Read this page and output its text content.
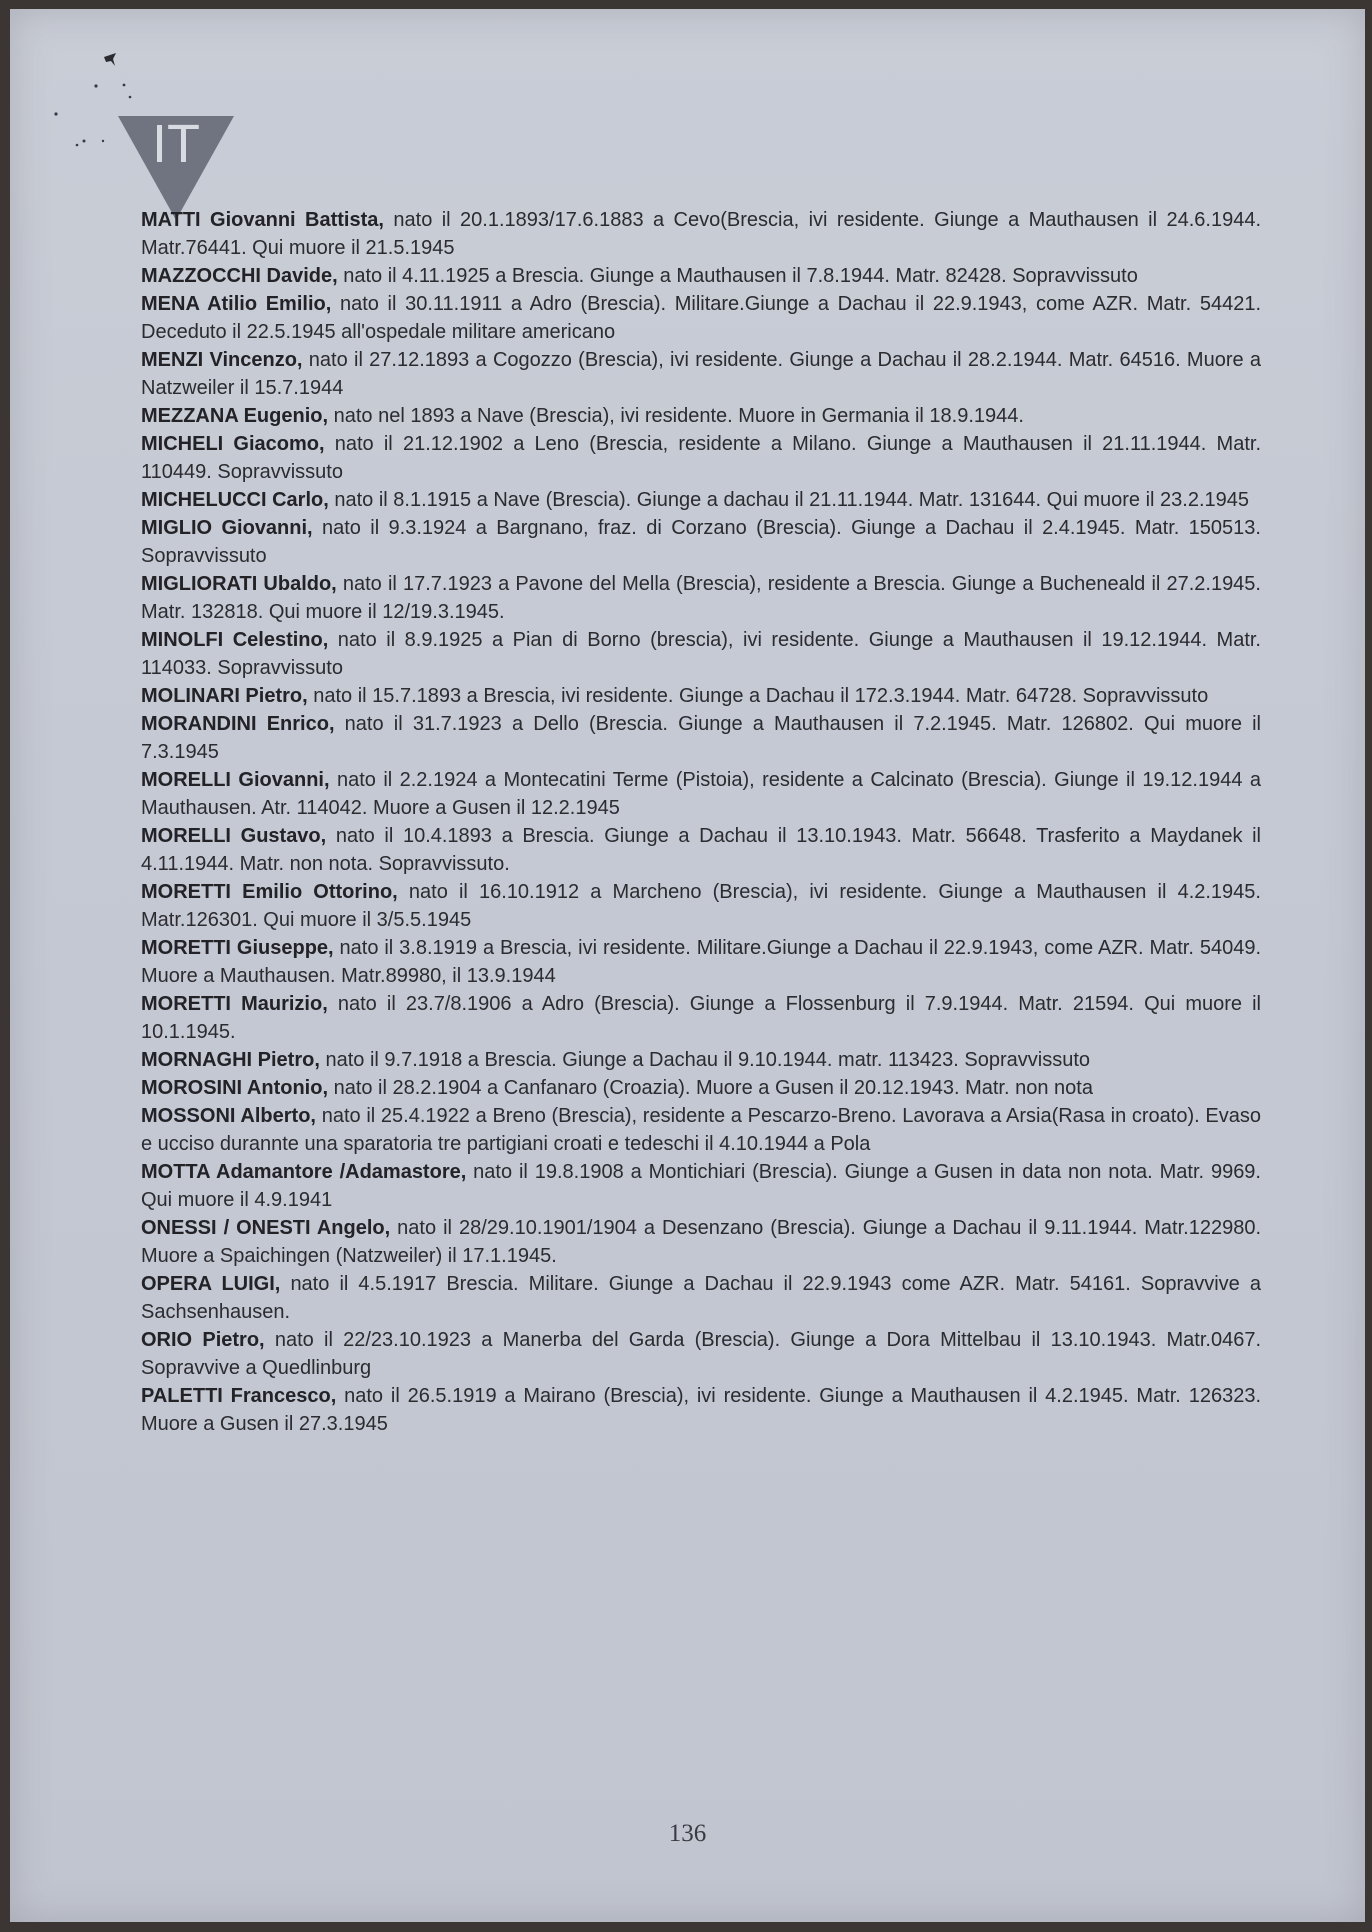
IT

MATTI Giovanni Battista, nato il 20.1.1893/17.6.1883 a Cevo(Brescia, ivi residente. Giunge a Mauthausen il 24.6.1944. Matr.76441. Qui muore il 21.5.1945

MAZZOCCHI Davide, nato il 4.11.1925 a Brescia. Giunge a Mauthausen il 7.8.1944. Matr. 82428. Sopravvissuto

MENA Atilio Emilio, nato il 30.11.1911 a Adro (Brescia). Militare.Giunge a Dachau il 22.9.1943, come AZR. Matr. 54421. Deceduto il 22.5.1945 all'ospedale militare americano

MENZI Vincenzo, nato il 27.12.1893 a Cogozzo (Brescia), ivi residente. Giunge a Dachau il 28.2.1944. Matr. 64516. Muore a Natzweiler il 15.7.1944

MEZZANA Eugenio, nato nel 1893 a Nave (Brescia), ivi residente. Muore in Germania il 18.9.1944.

MICHELI Giacomo, nato il 21.12.1902 a Leno (Brescia, residente a Milano. Giunge a Mauthausen il 21.11.1944. Matr. 110449. Sopravvissuto

MICHELUCCI Carlo, nato il 8.1.1915 a Nave (Brescia). Giunge a dachau il 21.11.1944. Matr. 131644. Qui muore il 23.2.1945

MIGLIO Giovanni, nato il 9.3.1924 a Bargnano, fraz. di Corzano (Brescia). Giunge a Dachau il 2.4.1945. Matr. 150513. Sopravvissuto

MIGLIORATI Ubaldo, nato il 17.7.1923 a Pavone del Mella (Brescia), residente a Brescia. Giunge a Bucheneald il 27.2.1945. Matr. 132818. Qui muore il 12/19.3.1945.

MINOLFI Celestino, nato il 8.9.1925 a Pian di Borno (brescia), ivi residente. Giunge a Mauthausen il 19.12.1944. Matr. 114033. Sopravvissuto

MOLINARI Pietro, nato il 15.7.1893 a Brescia, ivi residente. Giunge a Dachau il 172.3.1944. Matr. 64728. Sopravvissuto

MORANDINI Enrico, nato il 31.7.1923 a Dello (Brescia. Giunge a Mauthausen il 7.2.1945. Matr. 126802. Qui muore il 7.3.1945

MORELLI Giovanni, nato il 2.2.1924 a Montecatini Terme (Pistoia), residente a Calcinato (Brescia). Giunge il 19.12.1944 a Mauthausen. Atr. 114042. Muore a Gusen il 12.2.1945

MORELLI Gustavo, nato il 10.4.1893 a Brescia. Giunge a Dachau il 13.10.1943. Matr. 56648. Trasferito a Maydanek il 4.11.1944. Matr. non nota. Sopravvissuto.

MORETTI Emilio Ottorino, nato il 16.10.1912 a Marcheno (Brescia), ivi residente. Giunge a Mauthausen il 4.2.1945. Matr.126301. Qui muore il 3/5.5.1945

MORETTI Giuseppe, nato il 3.8.1919 a Brescia, ivi residente. Militare.Giunge a Dachau il 22.9.1943, come AZR. Matr. 54049. Muore a Mauthausen. Matr.89980, il 13.9.1944

MORETTI Maurizio, nato il 23.7/8.1906 a Adro (Brescia). Giunge a Flossenburg il 7.9.1944. Matr. 21594. Qui muore il 10.1.1945.

MORNAGHI Pietro, nato il 9.7.1918 a Brescia. Giunge a Dachau il 9.10.1944. matr. 113423. Sopravvissuto

MOROSINI Antonio, nato il 28.2.1904 a Canfanaro (Croazia). Muore a Gusen il 20.12.1943. Matr. non nota

MOSSONI Alberto, nato il 25.4.1922 a Breno (Brescia), residente a Pescarzo-Breno. Lavorava a Arsia(Rasa in croato). Evaso e ucciso durannte una sparatoria tre partigiani croati e tedeschi il 4.10.1944 a Pola

MOTTA Adamantore /Adamastore, nato il 19.8.1908 a Montichiari (Brescia). Giunge a Gusen in data non nota. Matr. 9969. Qui muore il 4.9.1941

ONESSI / ONESTI Angelo, nato il 28/29.10.1901/1904 a Desenzano (Brescia). Giunge a Dachau il 9.11.1944. Matr.122980. Muore a Spaichingen (Natzweiler) il 17.1.1945.

OPERA LUIGI, nato il 4.5.1917 Brescia. Militare. Giunge a Dachau il 22.9.1943 come AZR. Matr. 54161. Sopravvive a Sachsenhausen.

ORIO Pietro, nato il 22/23.10.1923 a Manerba del Garda (Brescia). Giunge a Dora Mittelbau il 13.10.1943. Matr.0467. Sopravvive a Quedlinburg

PALETTI Francesco, nato il 26.5.1919 a Mairano (Brescia), ivi residente. Giunge a Mauthausen il 4.2.1945. Matr. 126323. Muore a Gusen il 27.3.1945

136
